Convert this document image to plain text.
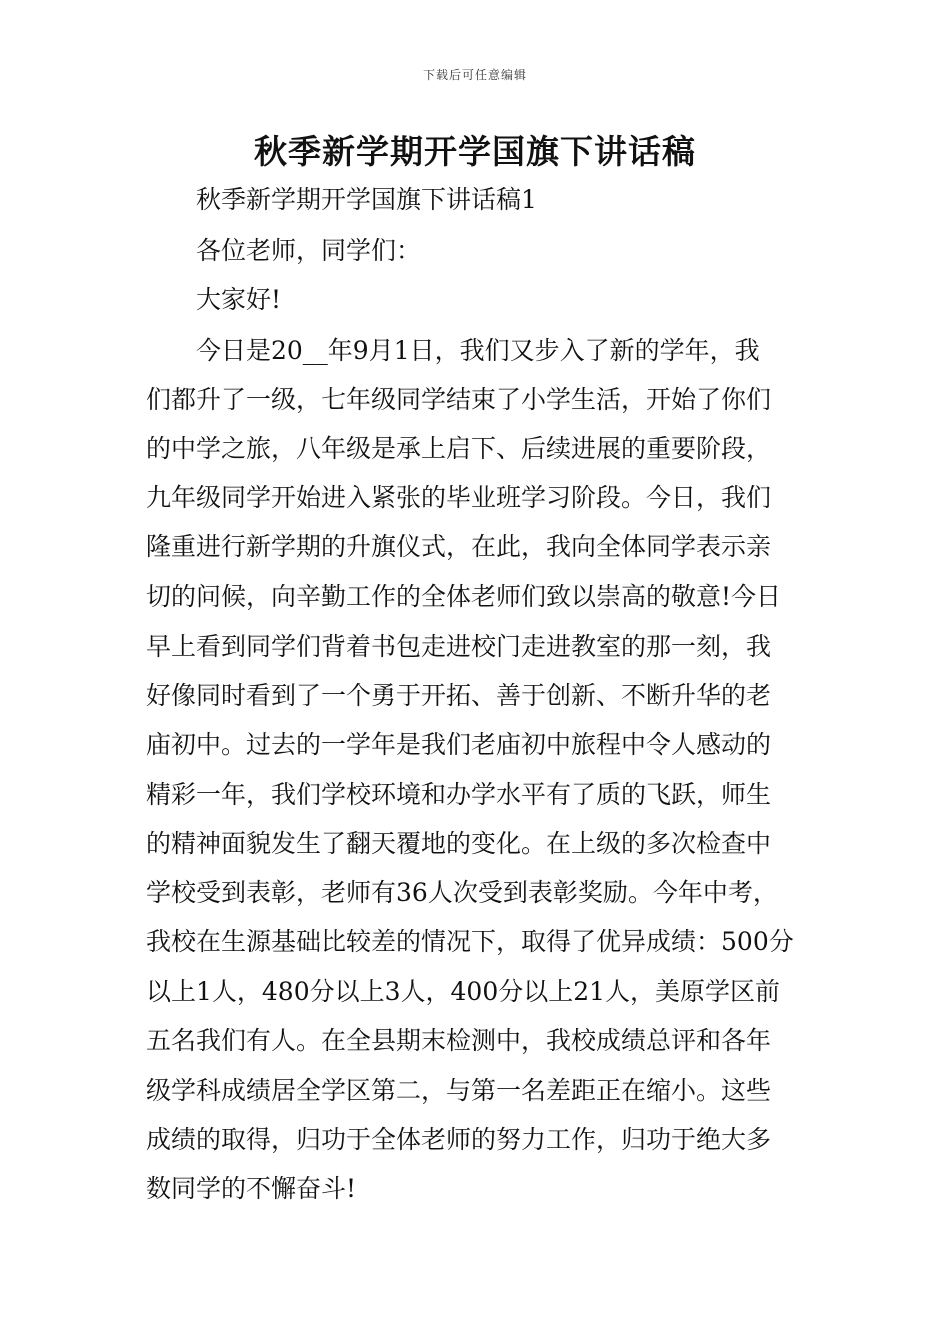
下载后可任意编辑
秋季新学期开学国旗下讲话稿
秋季新学期开学国旗下讲话稿1
各位老师，同学们：
大家好!
今日是20__年9月1日，我们又步入了新的学年，我
们都升了一级，七年级同学结束了小学生活，开始了你们
的中学之旅，八年级是承上启下、后续进展的重要阶段，
九年级同学开始进入紧张的毕业班学习阶段。今日，我们
隆重进行新学期的升旗仪式，在此，我向全体同学表示亲
切的问候，向辛勤工作的全体老师们致以崇高的敬意!今日
早上看到同学们背着书包走进校门走进教室的那一刻，我
好像同时看到了一个勇于开拓、善于创新、不断升华的老
庙初中。过去的一学年是我们老庙初中旅程中令人感动的
精彩一年，我们学校环境和办学水平有了质的飞跃，师生
的精神面貌发生了翻天覆地的变化。在上级的多次检查中
学校受到表彰，老师有36人次受到表彰奖励。今年中考，
我校在生源基础比较差的情况下，取得了优异成绩：500分
以上1人，480分以上3人，400分以上21人，美原学区前
五名我们有人。在全县期末检测中，我校成绩总评和各年
级学科成绩居全学区第二，与第一名差距正在缩小。这些
成绩的取得，归功于全体老师的努力工作，归功于绝大多
数同学的不懈奋斗!
